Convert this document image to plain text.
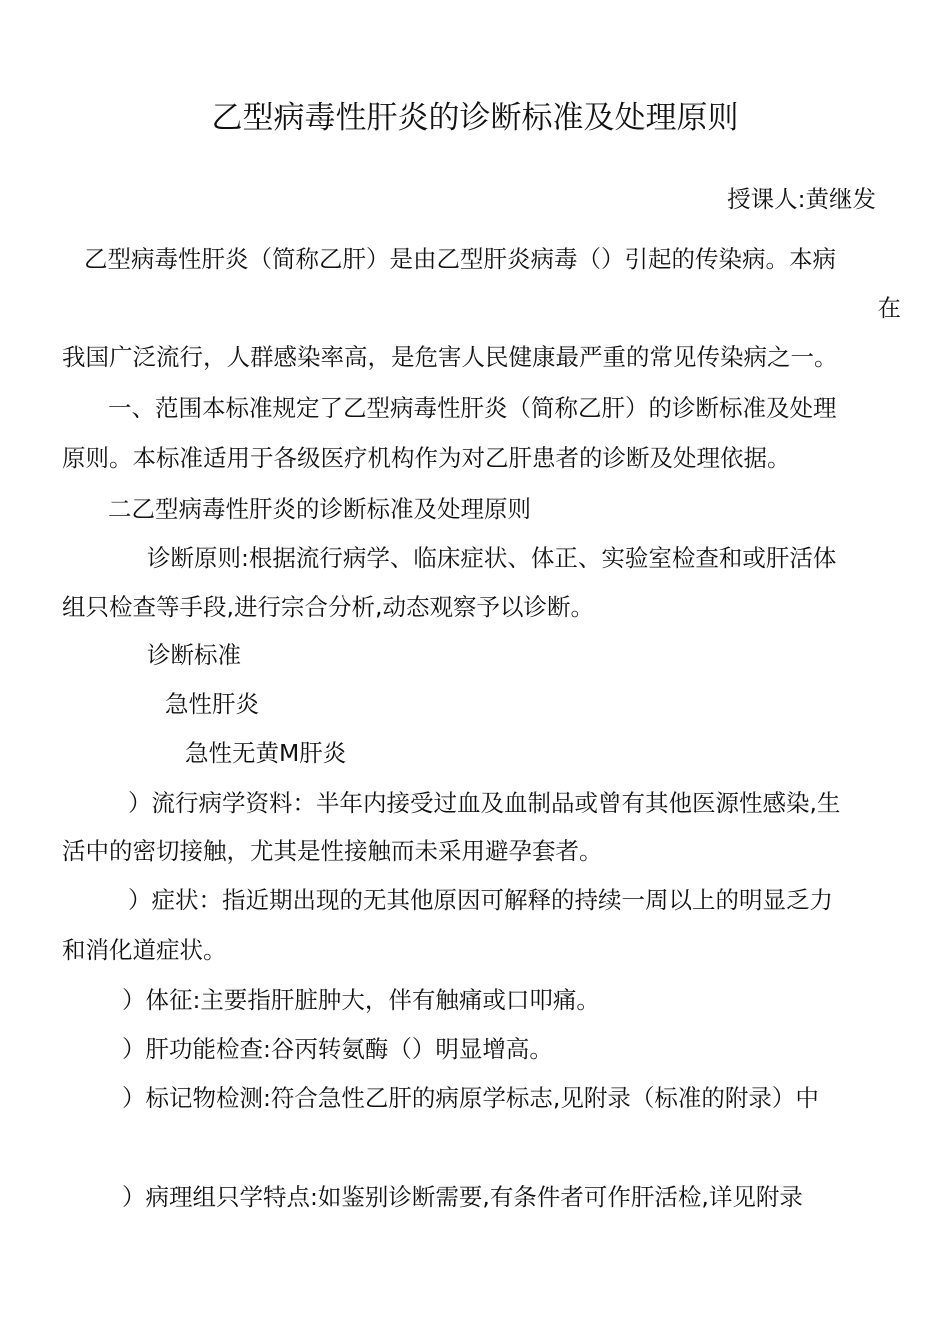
乙型病毒性肝炎的诊断标准及处理原则
授课人:黄继发
乙型病毒性肝炎（简称乙肝）是由乙型肝炎病毒（）引起的传染病。本病
在
我国广泛流行，人群感染率高，是危害人民健康最严重的常见传染病之一。
一、范围本标准规定了乙型病毒性肝炎（简称乙肝）的诊断标准及处理
原则。本标准适用于各级医疗机构作为对乙肝患者的诊断及处理依据。
二乙型病毒性肝炎的诊断标准及处理原则
诊断原则:根据流行病学、临床症状、体正、实验室检查和或肝活体
组只检查等手段,进行宗合分析,动态观察予以诊断。
诊断标准
急性肝炎
急性无黄M肝炎
）流行病学资料：半年内接受过血及血制品或曾有其他医源性感染,生
活中的密切接触，尤其是性接触而未采用避孕套者。
）症状：指近期出现的无其他原因可解释的持续一周以上的明显乏力
和消化道症状。
）体征:主要指肝脏肿大，伴有触痛或口叩痛。
）肝功能检查:谷丙转氨酶（）明显增高。
）标记物检测:符合急性乙肝的病原学标志,见附录（标准的附录）中
）病理组只学特点:如鉴别诊断需要,有条件者可作肝活检,详见附录
